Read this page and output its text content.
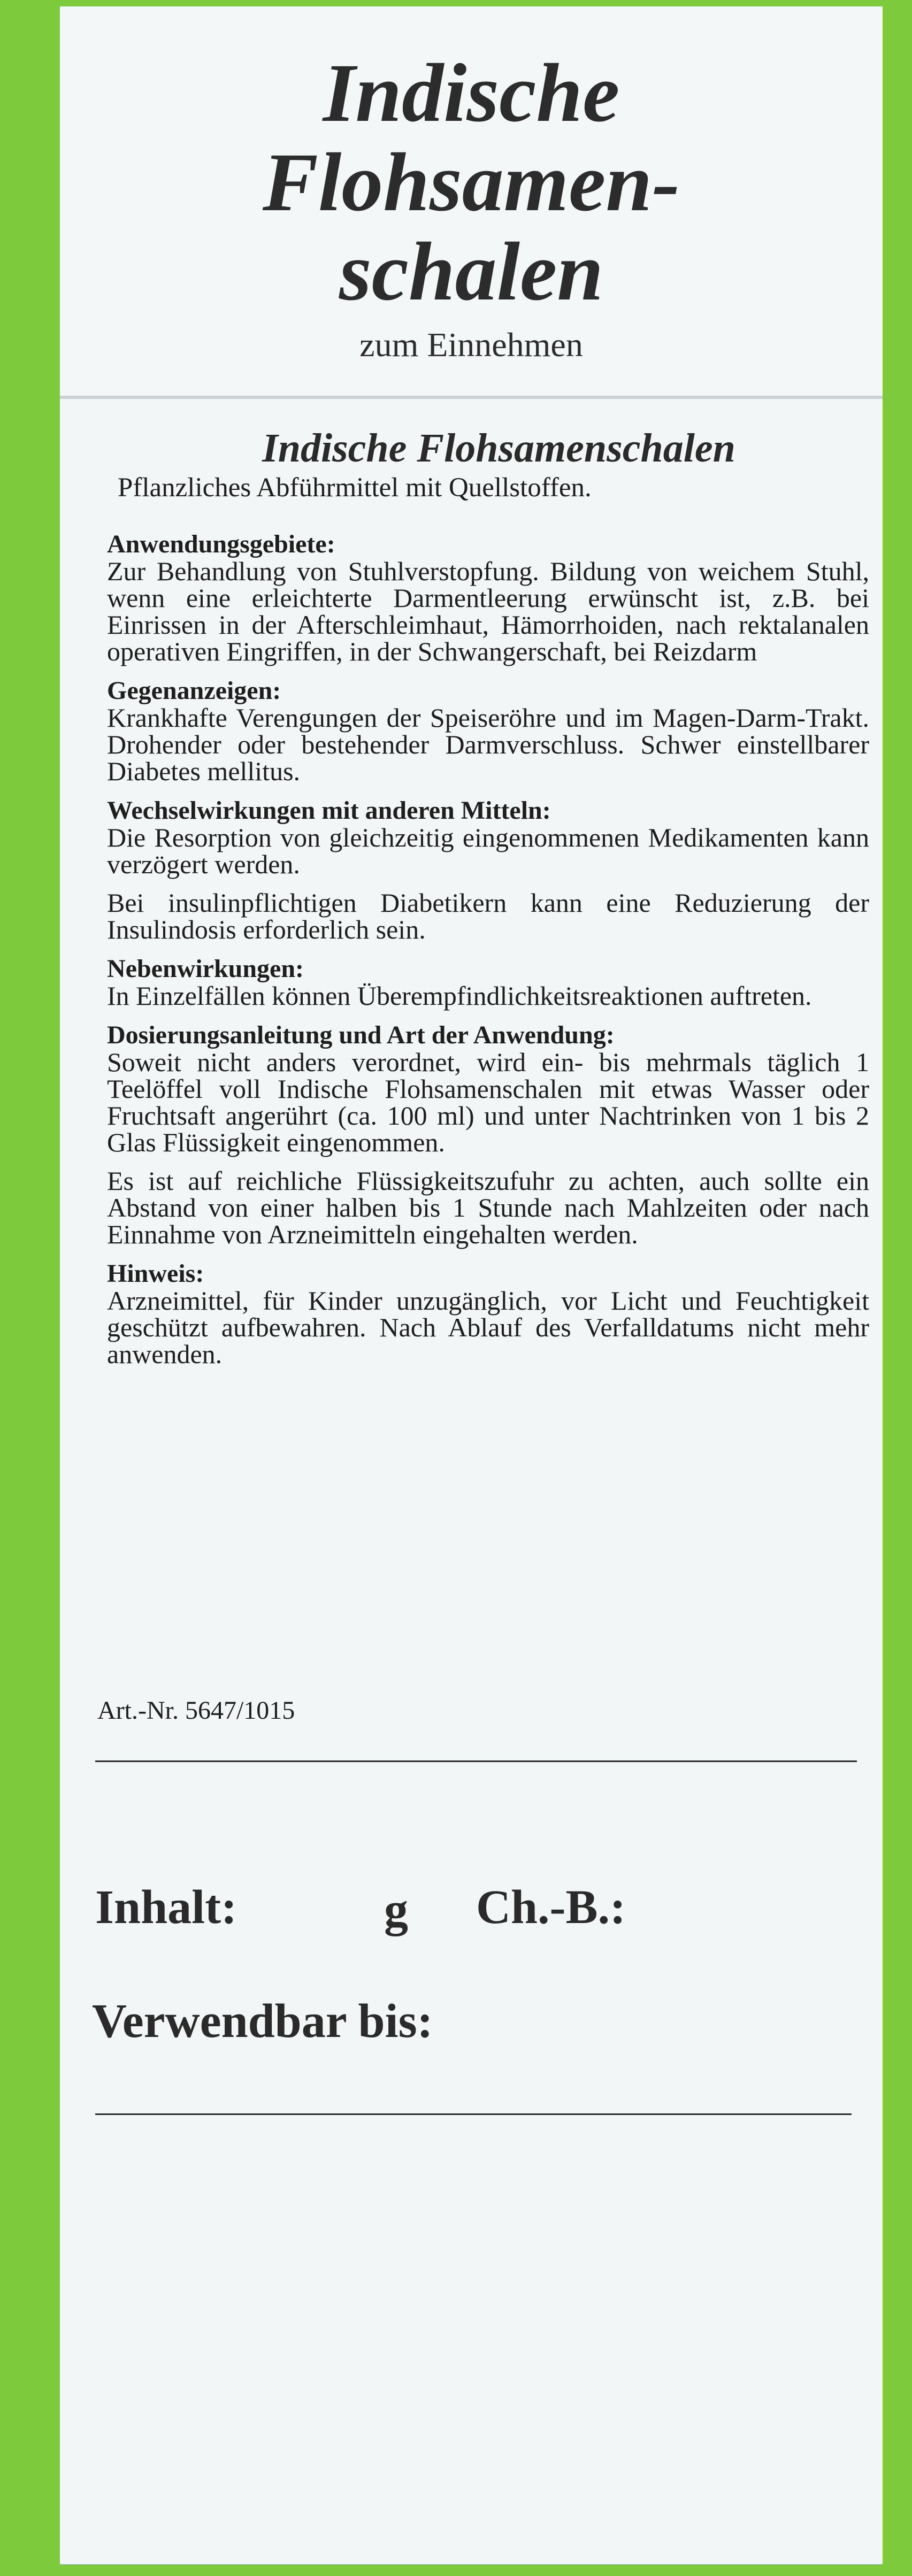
Indische
Flohsamen-
schalen
zum Einnehmen
Indische Flohsamenschalen

Pflanzliches Abführmittel mit Quellstoffen.

Anwendungsgebiete:

Zur Behandlung von Stuhlverstopfung. Bildung von weichem Stuhl, wenn eine erleichterte Darmentleerung erwünscht ist, z.B. bei Einrissen in der Afterschleimhaut, Hämorrhoiden, nach rektalanalen operativen Eingriffen, in der Schwangerschaft, bei Reizdarm

Gegenanzeigen:

Krankhafte Verengungen der Speiseröhre und im Magen-Darm-Trakt. Drohender oder bestehender Darmverschluss. Schwer einstellbarer Diabetes mellitus.

Wechselwirkungen mit anderen Mitteln:

Die Resorption von gleichzeitig eingenommenen Medikamenten kann verzögert werden.

Bei insulinpflichtigen Diabetikern kann eine Reduzierung der Insulindosis erforderlich sein.

Nebenwirkungen:

In Einzelfällen können Überempfindlichkeitsreaktionen auftreten.

Dosierungsanleitung und Art der Anwendung:

Soweit nicht anders verordnet, wird ein- bis mehrmals täglich 1 Teelöffel voll Indische Flohsamenschalen mit etwas Wasser oder Fruchtsaft angerührt (ca. 100 ml) und unter Nachtrinken von 1 bis 2 Glas Flüssigkeit eingenommen.

Es ist auf reichliche Flüssigkeitszufuhr zu achten, auch sollte ein Abstand von einer halben bis 1 Stunde nach Mahlzeiten oder nach Einnahme von Arzneimitteln eingehalten werden.

Hinweis:

Arzneimittel, für Kinder unzugänglich, vor Licht und Feuchtigkeit geschützt aufbewahren. Nach Ablauf des Verfalldatums nicht mehr anwenden.

Art.-Nr. 5647/1015
Inhalt:	g Ch.-B.:
Verwendbar bis:
